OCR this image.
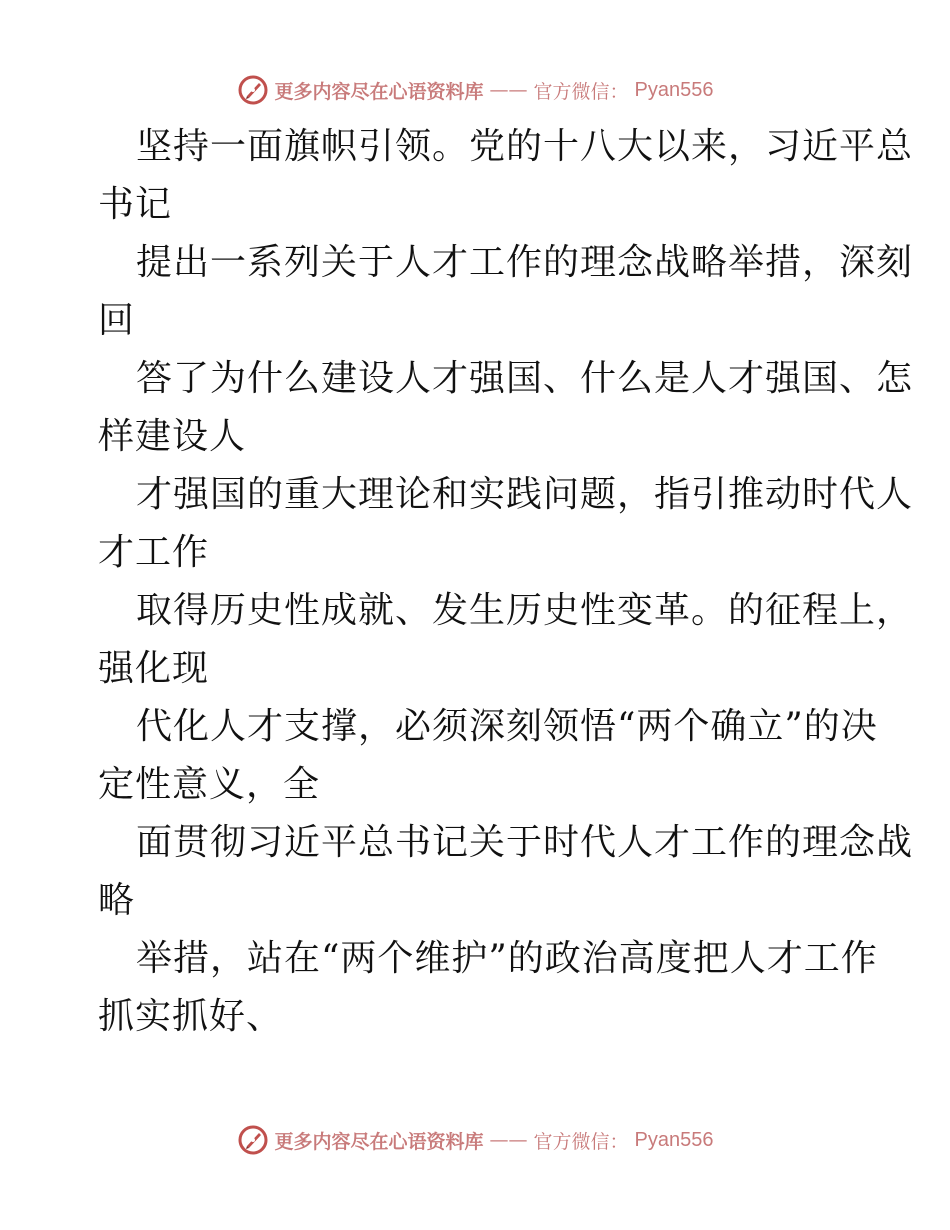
更多内容尽在心语资料库 —— 官方微信： Pyan556

坚持一面旗帜引领。党的十八大以来，习近平总

书记

提出一系列关于人才工作的理念战略举措，深刻

回

答了为什么建设人才强国、什么是人才强国、怎

样建设人

才强国的重大理论和实践问题，指引推动时代人

才工作

取得历史性成就、发生历史性变革。的征程上，

强化现

代化人才支撑，必须深刻领悟“两个确立”的决

定性意义，全

面贯彻习近平总书记关于时代人才工作的理念战

略

举措，站在“两个维护”的政治高度把人才工作

抓实抓好、

更多内容尽在心语资料库 —— 官方微信： Pyan556
